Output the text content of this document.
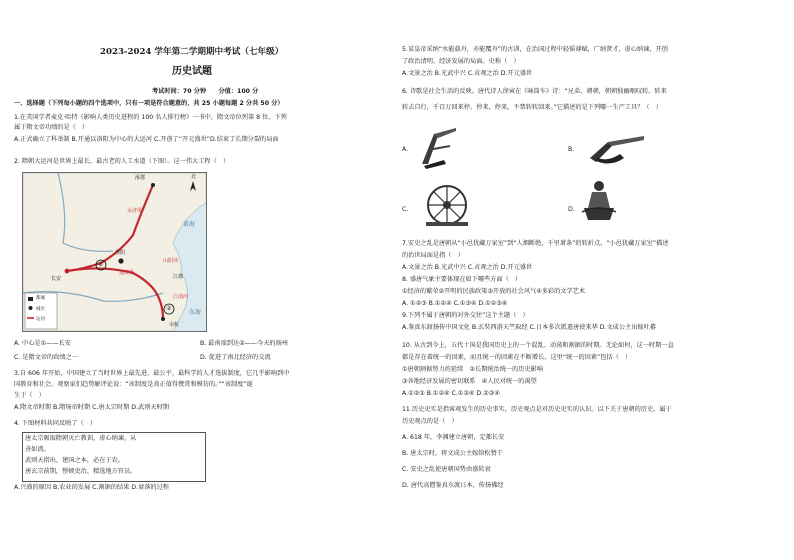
2023-2024 学年第二学期期中考试（七年级）
历史试题
考试时间：70 分钟　　分值：100 分
一、选择题（下列每小题的四个选项中，只有一项是符合题意的，共 25 小题每题 2 分共 50 分）
1.在美国学者麦克·哈特《影响人类历史进程的 100 名人排行榜》一书中，隋文帝位列第 8 位。下列
属于隋文帝功绩的是（　）
A.正式确立了科举制 B.开通以洛阳为中心的大运河 C.开创了“开元盛世”D.结束了长期分裂的局面
2. 隋朝大运河是世界上最长、最古老的人工水道（下图）。这一伟大工程（　）
涿郡
永济渠
长安
洛阳
通济渠
山阳渎
江南河
江都
余杭
黄海
东海
北
①
②
都城
城市
运河
A. 中心是①——长安	B. 最南端到达②——今天的扬州
C. 是隋文帝的政绩之一	D. 促进了南北经济的交流
3.自 606 年开始，中国建立了当时世界上最先进、最公平、最科学的人才选拔制度，它几乎影响到中
国教育和社会。观察家们趋势解评论说：“该制度是真正值得赞赏和模仿的。”“该制度”诞
生于（　）
A.隋文帝时期 B.隋炀帝时期 C.唐太宗时期 D.武则天时期
4. 下图材料共同反映了（　）
唐太宗吸取隋朝灭亡教训，虚心纳谏，从
善如流。
武则天指出，建国之本，必在于农。
唐玄宗前期，整顿吏治，精选地方官员。
A.兴盛的原因 B.农业的发展 C.割据的结果 D.衰落的过程
5.某皇帝采纳“水能载舟，亦能覆舟”的古训，在治国过程中轻徭薄赋，广纳贤才，虚心纳谏，开创
了政治清明、经济发展的局面。史称（　）
A.文景之治 B.光武中兴 C.贞观之治 D.开元盛世
6. 诗歌是社会生活的反映。唐代诗人徐寅在《咏筒车》诗：“兄弟，朝朝，朝朝独幽咽叹转。转来
转去自行，千百万回来停。停来，停来，不禁转转回来。”它描述的是下列哪一生产工具？（　）
A.	B.
C.	D.
7.安史之乱是唐朝从“小邑犹藏万家室”到“人烟断绝，千里萧条”的转折点。“小邑犹藏万家室”描述
的治世局面是指（　）
A.文景之治 B.光武中兴 C.贞观之治 D.开元盛世
8. 盛唐气象主要体现在如下哪些方面（　）
①经济的繁荣②开明的民族政策③开放的社会风气④多彩的文学艺术
A. ①②③ B.①②④ C.①③④ D.①②③④
9.下列不属于唐朝的对外交往”这个主题（　）
A.鉴真东渡扬传中国文化 B.玄奘西游天竺取经 C.日本多次派遣唐使来华 D.文成公主出嫁吐蕃
10. 从古到今上，五代十国是我国历史上的一个混乱、动荡和割据的时期。无论如何，这一时期一直
都是存在着统一的因素，而且统一的因素在不断增长。这里“统一的因素”包括（　）
①唐朝割据势力的延续　②长期统治统一的历史影响
③各地经济发展的密切联系　④人民对统一的渴望
A.①②③ B.①②④ C.①③④ D.②③④
11.历史史实是指客观发生的历史事实，历史观点是对历史史实的认识。以下关于唐朝的历史，属于
历史观点的是（　）
A. 618 年，李渊建立唐朝，定都长安
B. 唐太宗时，将文成公主嫁给松赞干
C. 安史之乱使唐朝国势由盛转衰
D. 唐代高僧鉴真东渡日本，传扬佛经
